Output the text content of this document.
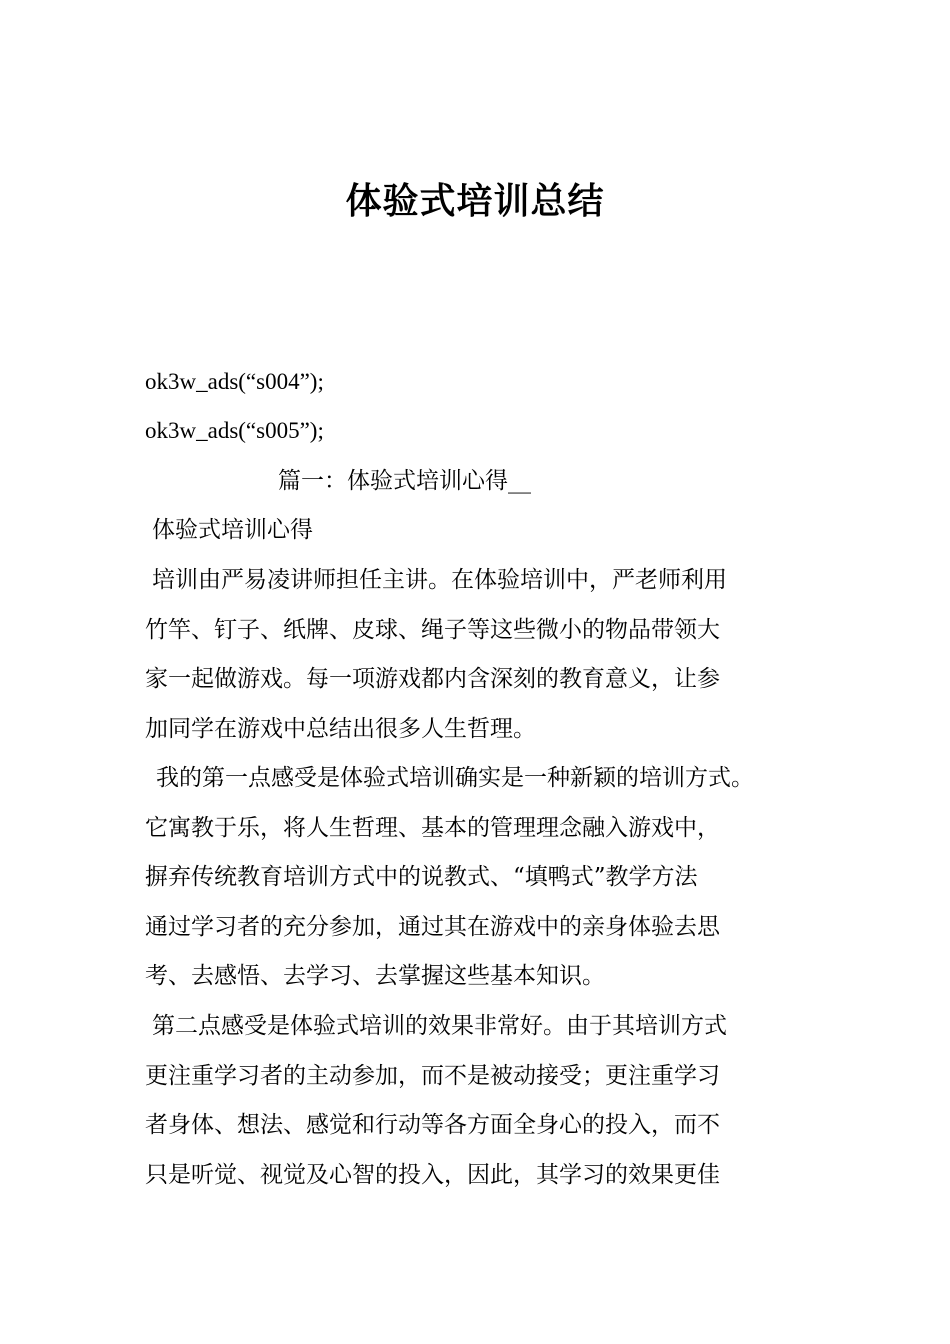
体验式培训总结
ok3w_ads(“s004”);
ok3w_ads(“s005”);
篇一：体验式培训心得__
体验式培训心得
培训由严易凌讲师担任主讲。在体验培训中，严老师利用
竹竿、钉子、纸牌、皮球、绳子等这些微小的物品带领大
家一起做游戏。每一项游戏都内含深刻的教育意义，让参
加同学在游戏中总结出很多人生哲理。
我的第一点感受是体验式培训确实是一种新颖的培训方式。
它寓教于乐，将人生哲理、基本的管理理念融入游戏中，
摒弃传统教育培训方式中的说教式、“填鸭式”教学方法
通过学习者的充分参加，通过其在游戏中的亲身体验去思
考、去感悟、去学习、去掌握这些基本知识。
第二点感受是体验式培训的效果非常好。由于其培训方式
更注重学习者的主动参加，而不是被动接受；更注重学习
者身体、想法、感觉和行动等各方面全身心的投入，而不
只是听觉、视觉及心智的投入，因此，其学习的效果更佳
